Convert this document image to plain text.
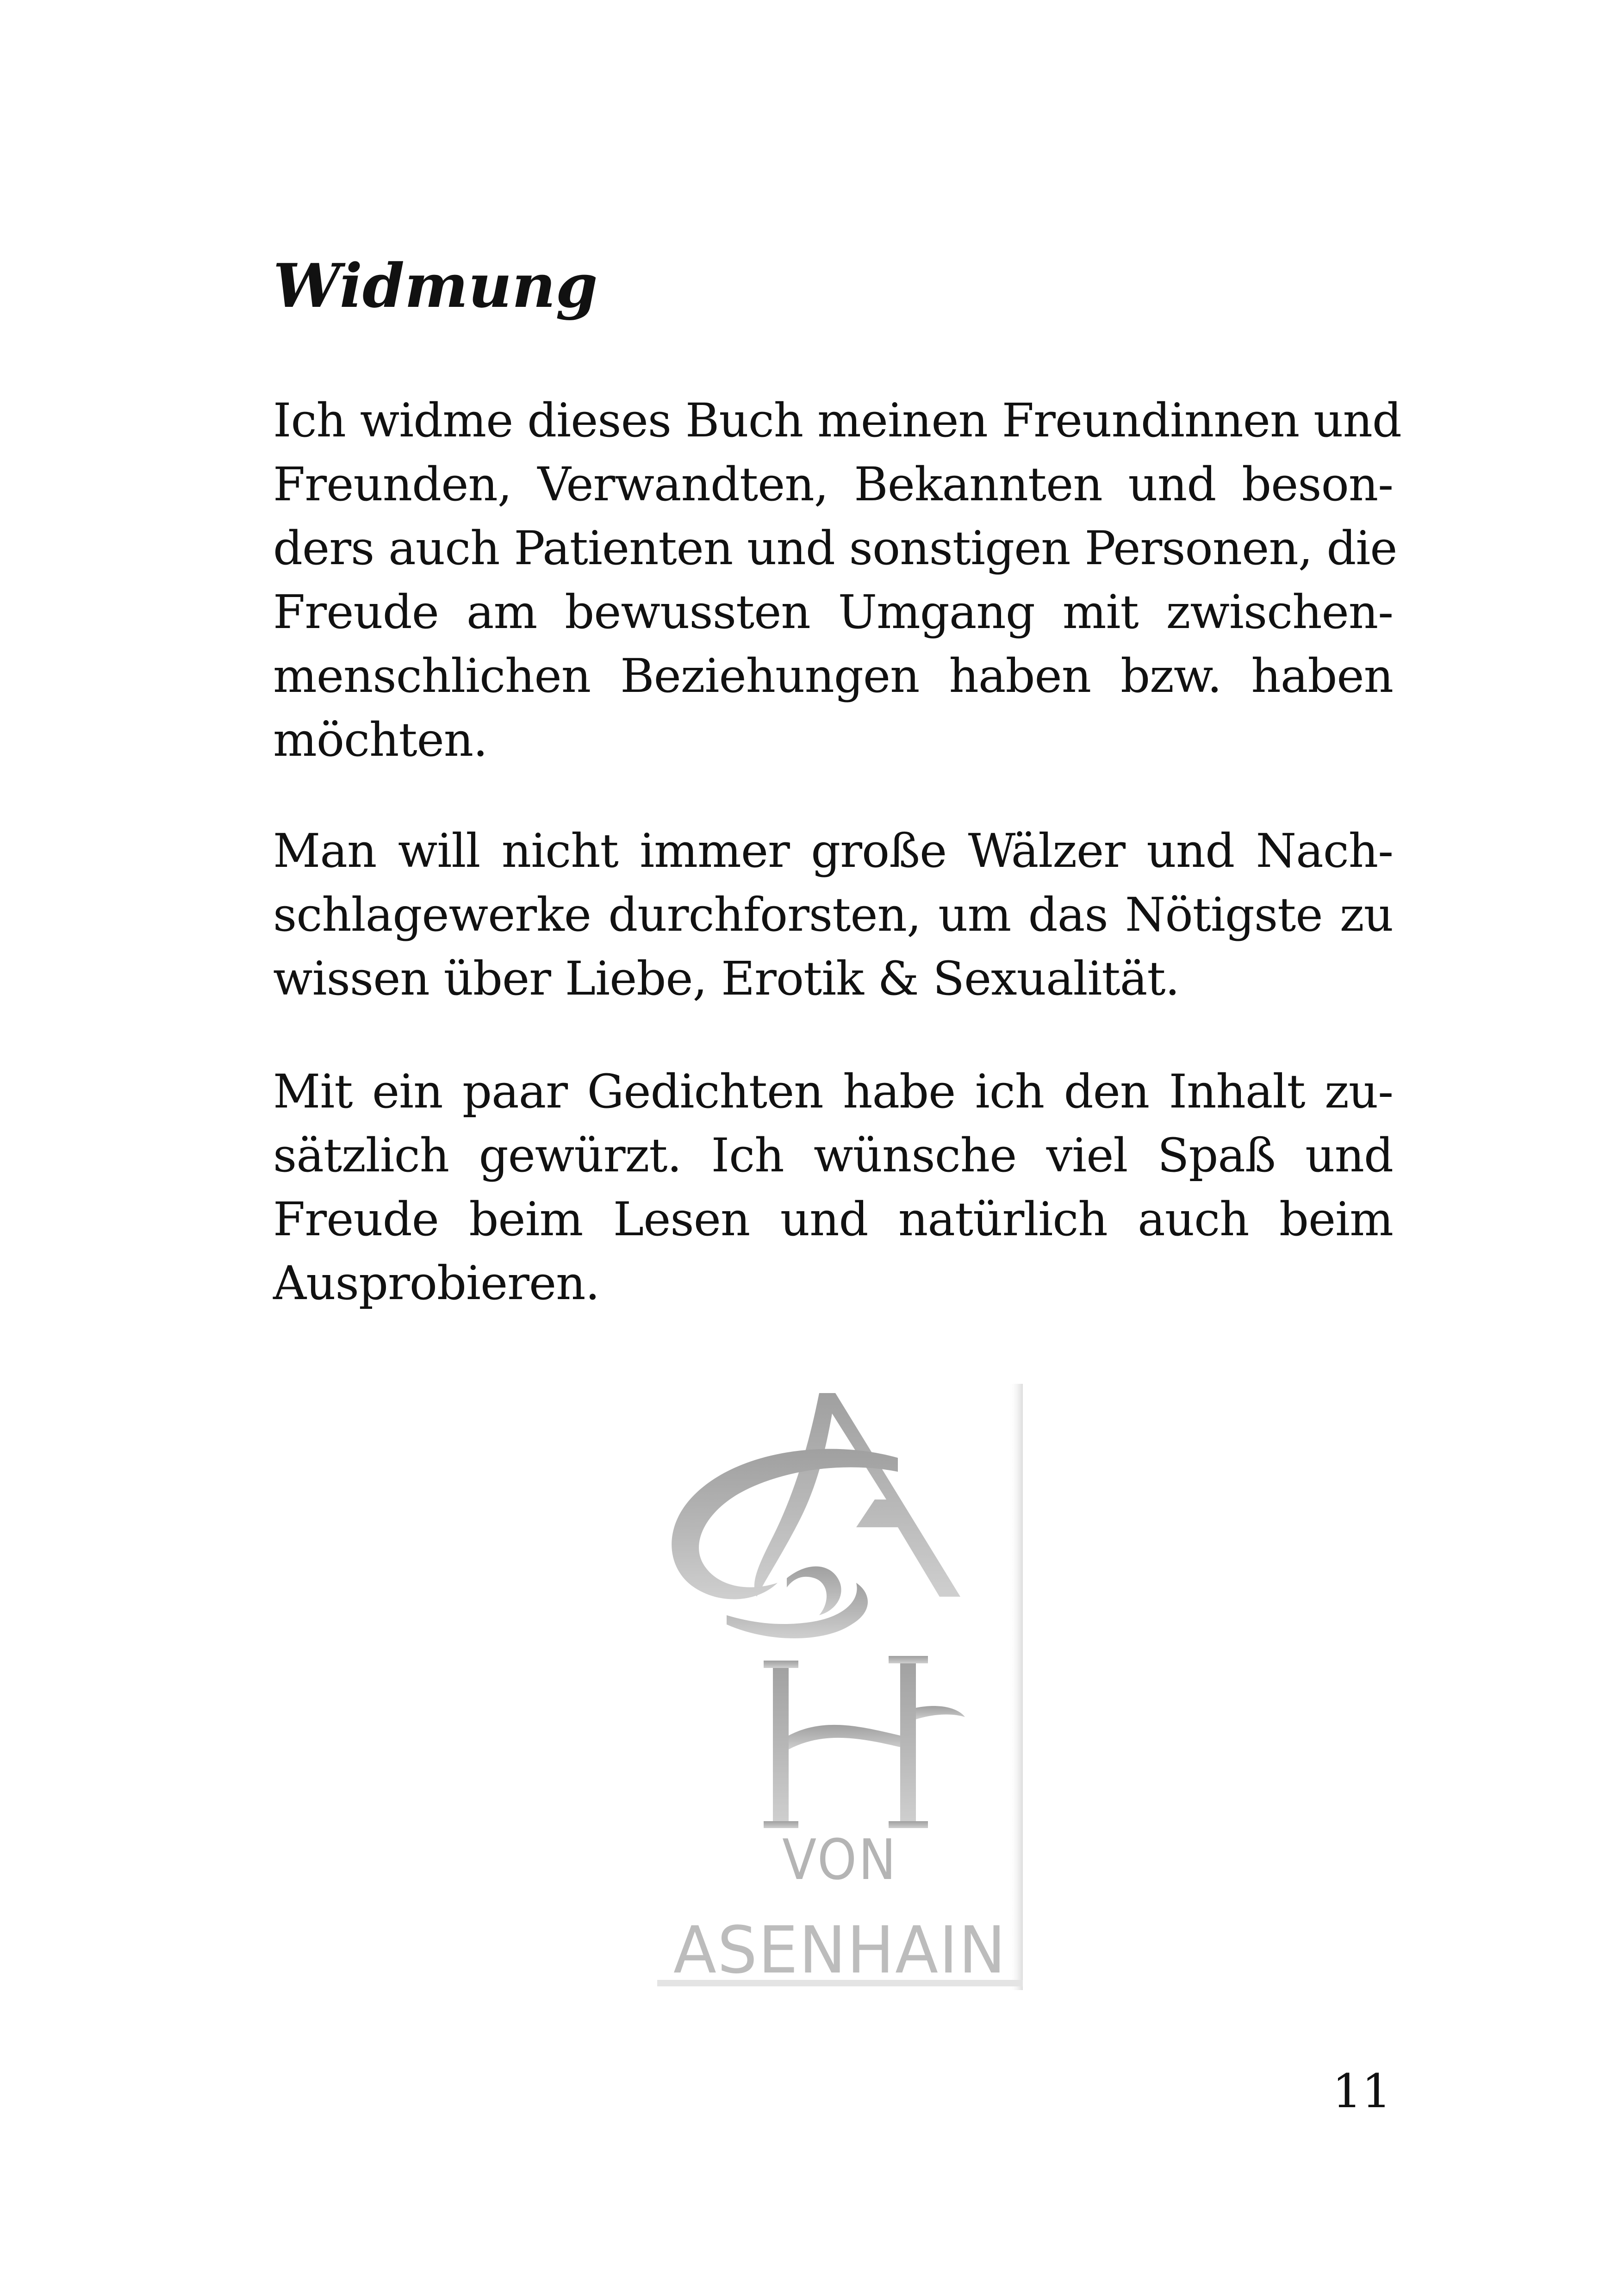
Widmung

Ich widme dieses Buch meinen Freundinnen und
Freunden, Verwandten, Bekannten und beson-
ders auch Patienten und sonstigen Personen, die
Freude am bewussten Umgang mit zwischen-
menschlichen Beziehungen haben bzw. haben
möchten.

Man will nicht immer große Wälzer und Nach-
schlagewerke durchforsten, um das Nötigste zu
wissen über Liebe, Erotik & Sexualität.

Mit ein paar Gedichten habe ich den Inhalt zu-
sätzlich gewürzt. Ich wünsche viel Spaß und
Freude beim Lesen und natürlich auch beim
Ausprobieren.

VON
ASENHAIN

11
